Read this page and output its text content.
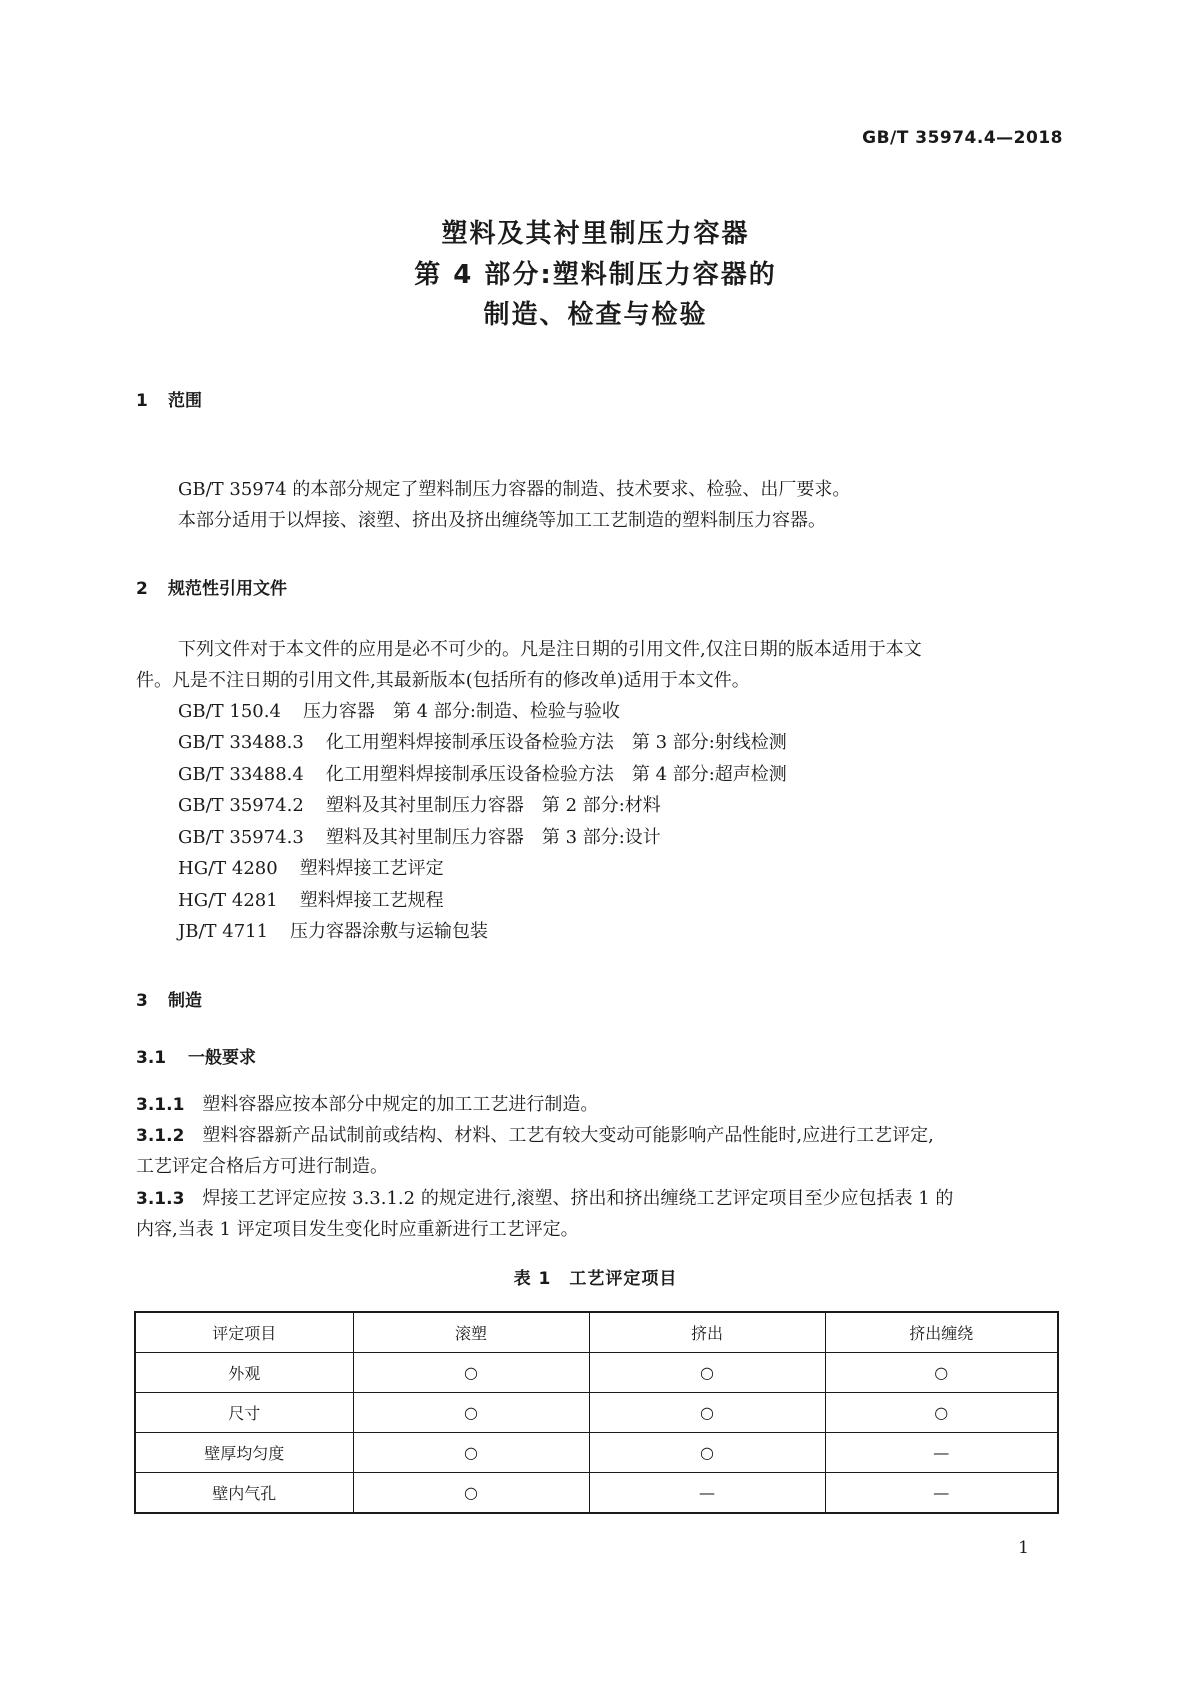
GB/T 35974.4—2018
塑料及其衬里制压力容器
第 4 部分:塑料制压力容器的
制造、检查与检验
1 范围
GB/T 35974 的本部分规定了塑料制压力容器的制造、技术要求、检验、出厂要求。
本部分适用于以焊接、滚塑、挤出及挤出缠绕等加工工艺制造的塑料制压力容器。
2 规范性引用文件
下列文件对于本文件的应用是必不可少的。凡是注日期的引用文件,仅注日期的版本适用于本文
件。凡是不注日期的引用文件,其最新版本(包括所有的修改单)适用于本文件。
GB/T 150.4 压力容器　第 4 部分:制造、检验与验收
GB/T 33488.3 化工用塑料焊接制承压设备检验方法　第 3 部分:射线检测
GB/T 33488.4 化工用塑料焊接制承压设备检验方法　第 4 部分:超声检测
GB/T 35974.2 塑料及其衬里制压力容器　第 2 部分:材料
GB/T 35974.3 塑料及其衬里制压力容器　第 3 部分:设计
HG/T 4280 塑料焊接工艺评定
HG/T 4281 塑料焊接工艺规程
JB/T 4711 压力容器涂敷与运输包装
3 制造
3.1 一般要求
3.1.1 塑料容器应按本部分中规定的加工工艺进行制造。
3.1.2 塑料容器新产品试制前或结构、材料、工艺有较大变动可能影响产品性能时,应进行工艺评定,
工艺评定合格后方可进行制造。
3.1.3 焊接工艺评定应按 3.3.1.2 的规定进行,滚塑、挤出和挤出缠绕工艺评定项目至少应包括表 1 的
内容,当表 1 评定项目发生变化时应重新进行工艺评定。
表 1　工艺评定项目
评定项目	滚塑	挤出	挤出缠绕
外观	○	○	○
尺寸	○	○	○
壁厚均匀度	○	○	—
壁内气孔	○	—	—
1
